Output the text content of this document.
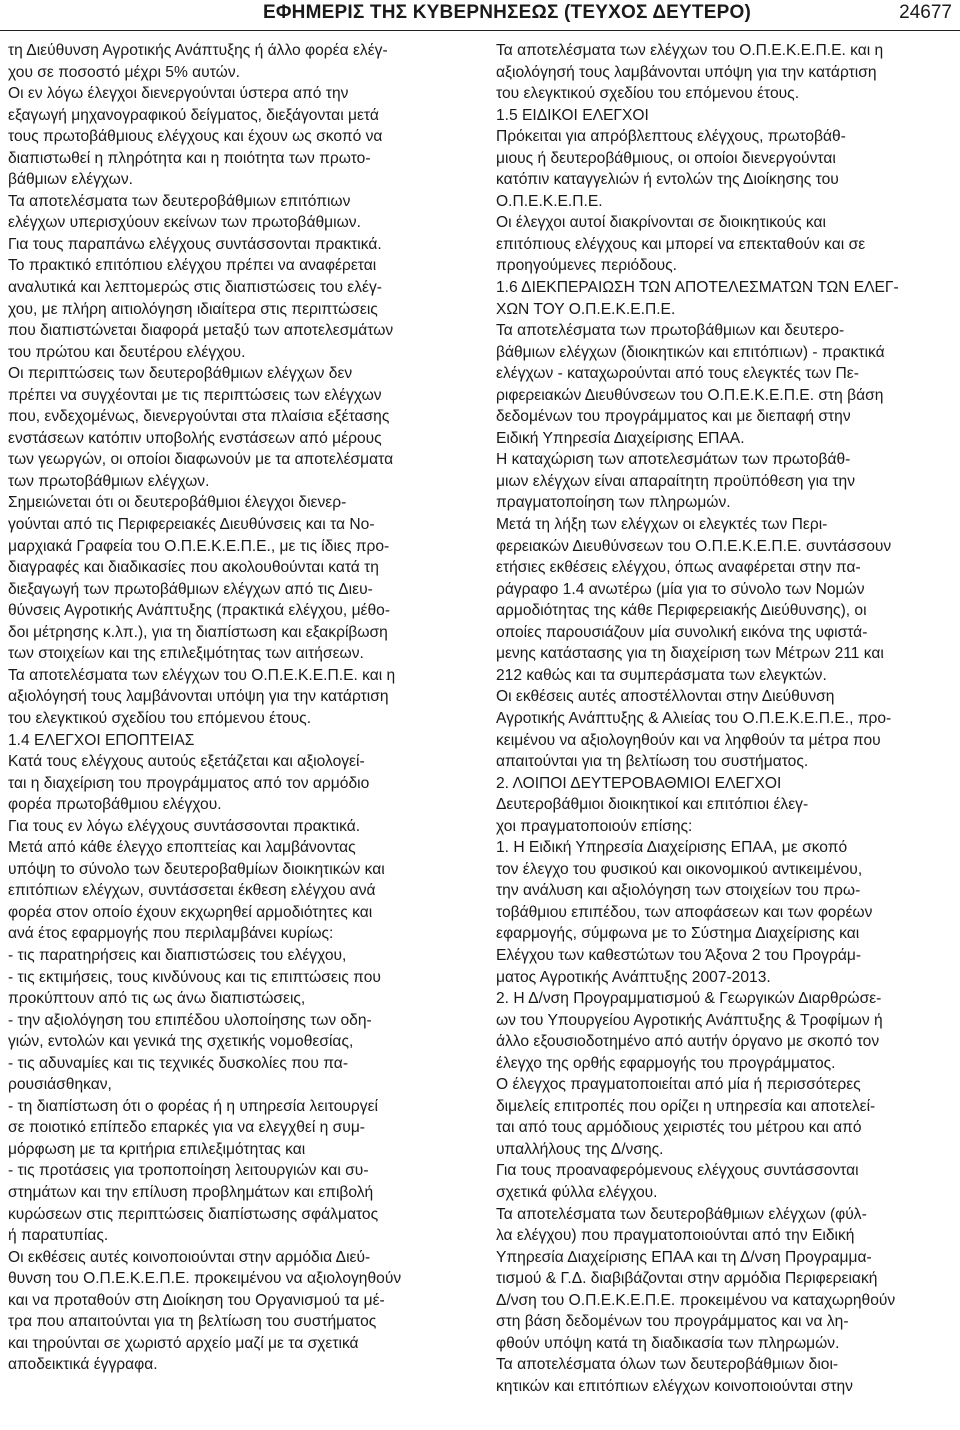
ΕΦΗΜΕΡΙΣ ΤΗΣ ΚΥΒΕΡΝΗΣΕΩΣ (ΤΕΥΧΟΣ ΔΕΥΤΕΡΟ)	24677

τη Διεύθυνση Αγροτικής Ανάπτυξης ή άλλο φορέα ελέγ-
χου σε ποσοστό μέχρι 5% αυτών.

Οι εν λόγω έλεγχοι διενεργούνται ύστερα από την
εξαγωγή μηχανογραφικού δείγματος, διεξάγονται μετά
τους πρωτοβάθμιους ελέγχους και έχουν ως σκοπό να
διαπιστωθεί η πληρότητα και η ποιότητα των πρωτο-
βάθμιων ελέγχων.

Τα αποτελέσματα των δευτεροβάθμιων επιτόπιων
ελέγχων υπερισχύουν εκείνων των πρωτοβάθμιων.

Για τους παραπάνω ελέγχους συντάσσονται πρακτικά.
Το πρακτικό επιτόπιου ελέγχου πρέπει να αναφέρεται
αναλυτικά και λεπτομερώς στις διαπιστώσεις του ελέγ-
χου, με πλήρη αιτιολόγηση ιδιαίτερα στις περιπτώσεις
που διαπιστώνεται διαφορά μεταξύ των αποτελεσμάτων
του πρώτου και δευτέρου ελέγχου.

Οι περιπτώσεις των δευτεροβάθμιων ελέγχων δεν
πρέπει να συγχέονται με τις περιπτώσεις των ελέγχων
που, ενδεχομένως, διενεργούνται στα πλαίσια εξέτασης
ενστάσεων κατόπιν υποβολής ενστάσεων από μέρους
των γεωργών, οι οποίοι διαφωνούν με τα αποτελέσματα
των πρωτοβάθμιων ελέγχων.

Σημειώνεται ότι οι δευτεροβάθμιοι έλεγχοι διενερ-
γούνται από τις Περιφερειακές Διευθύνσεις και τα Νο-
μαρχιακά Γραφεία του Ο.Π.Ε.Κ.Ε.Π.Ε., με τις ίδιες προ-
διαγραφές και διαδικασίες που ακολουθούνται κατά τη
διεξαγωγή των πρωτοβάθμιων ελέγχων από τις Διευ-
θύνσεις Αγροτικής Ανάπτυξης (πρακτικά ελέγχου, μέθο-
δοι μέτρησης κ.λπ.), για τη διαπίστωση και εξακρίβωση
των στοιχείων και της επιλεξιμότητας των αιτήσεων.

Τα αποτελέσματα των ελέγχων του Ο.Π.Ε.Κ.Ε.Π.Ε. και η
αξιολόγησή τους λαμβάνονται υπόψη για την κατάρτιση
του ελεγκτικού σχεδίου του επόμενου έτους.

1.4 ΕΛΕΓΧΟΙ ΕΠΟΠΤΕΙΑΣ

Κατά τους ελέγχους αυτούς εξετάζεται και αξιολογεί-
ται η διαχείριση του προγράμματος από τον αρμόδιο
φορέα πρωτοβάθμιου ελέγχου.

Για τους εν λόγω ελέγχους συντάσσονται πρακτικά.

Μετά από κάθε έλεγχο εποπτείας και λαμβάνοντας
υπόψη το σύνολο των δευτεροβαθμίων διοικητικών και
επιτόπιων ελέγχων, συντάσσεται έκθεση ελέγχου ανά
φορέα στον οποίο έχουν εκχωρηθεί αρμοδιότητες και
ανά έτος εφαρμογής που περιλαμβάνει κυρίως:

- τις παρατηρήσεις και διαπιστώσεις του ελέγχου,

- τις εκτιμήσεις, τους κινδύνους και τις επιπτώσεις που
προκύπτουν από τις ως άνω διαπιστώσεις,

- την αξιολόγηση του επιπέδου υλοποίησης των οδη-
γιών, εντολών και γενικά της σχετικής νομοθεσίας,

- τις αδυναμίες και τις τεχνικές δυσκολίες που πα-
ρουσιάσθηκαν,

- τη διαπίστωση ότι ο φορέας ή η υπηρεσία λειτουργεί
σε ποιοτικό επίπεδο επαρκές για να ελεγχθεί η συμ-
μόρφωση με τα κριτήρια επιλεξιμότητας και

- τις προτάσεις για τροποποίηση λειτουργιών και συ-
στημάτων και την επίλυση προβλημάτων και επιβολή
κυρώσεων στις περιπτώσεις διαπίστωσης σφάλματος
ή παρατυπίας.

Οι εκθέσεις αυτές κοινοποιούνται στην αρμόδια Διεύ-
θυνση του Ο.Π.Ε.Κ.Ε.Π.Ε. προκειμένου να αξιολογηθούν
και να προταθούν στη Διοίκηση του Οργανισμού τα μέ-
τρα που απαιτούνται για τη βελτίωση του συστήματος
και τηρούνται σε χωριστό αρχείο μαζί με τα σχετικά
αποδεικτικά έγγραφα.

Τα αποτελέσματα των ελέγχων του Ο.Π.Ε.Κ.Ε.Π.Ε. και η
αξιολόγησή τους λαμβάνονται υπόψη για την κατάρτιση
του ελεγκτικού σχεδίου του επόμενου έτους.

1.5 ΕΙΔΙΚΟΙ ΕΛΕΓΧΟΙ

Πρόκειται για απρόβλεπτους ελέγχους, πρωτοβάθ-
μιους ή δευτεροβάθμιους, οι οποίοι διενεργούνται
κατόπιν καταγγελιών ή εντολών της Διοίκησης του
Ο.Π.Ε.Κ.Ε.Π.Ε.

Οι έλεγχοι αυτοί διακρίνονται σε διοικητικούς και
επιτόπιους ελέγχους και μπορεί να επεκταθούν και σε
προηγούμενες περιόδους.

1.6 ΔΙΕΚΠΕΡΑΙΩΣΗ ΤΩΝ ΑΠΟΤΕΛΕΣΜΑΤΩΝ ΤΩΝ ΕΛΕΓ-
ΧΩΝ ΤΟΥ Ο.Π.Ε.Κ.Ε.Π.Ε.

Τα αποτελέσματα των πρωτοβάθμιων και δευτερο-
βάθμιων ελέγχων (διοικητικών και επιτόπιων) - πρακτικά
ελέγχων - καταχωρούνται από τους ελεγκτές των Πε-
ριφερειακών Διευθύνσεων του Ο.Π.Ε.Κ.Ε.Π.Ε. στη βάση
δεδομένων του προγράμματος και με διεπαφή στην
Ειδική Υπηρεσία Διαχείρισης ΕΠΑΑ.

Η καταχώριση των αποτελεσμάτων των πρωτοβάθ-
μιων ελέγχων είναι απαραίτητη προϋπόθεση για την
πραγματοποίηση των πληρωμών.

Μετά τη λήξη των ελέγχων οι ελεγκτές των Περι-
φερειακών Διευθύνσεων του Ο.Π.Ε.Κ.Ε.Π.Ε. συντάσσουν
ετήσιες εκθέσεις ελέγχου, όπως αναφέρεται στην πα-
ράγραφο 1.4 ανωτέρω (μία για το σύνολο των Νομών
αρμοδιότητας της κάθε Περιφερειακής Διεύθυνσης), οι
οποίες παρουσιάζουν μία συνολική εικόνα της υφιστά-
μενης κατάστασης για τη διαχείριση των Μέτρων 211 και
212 καθώς και τα συμπεράσματα των ελεγκτών.

Οι εκθέσεις αυτές αποστέλλονται στην Διεύθυνση
Αγροτικής Ανάπτυξης & Αλιείας του Ο.Π.Ε.Κ.Ε.Π.Ε., προ-
κειμένου να αξιολογηθούν και να ληφθούν τα μέτρα που
απαιτούνται για τη βελτίωση του συστήματος.

2. ΛΟΙΠΟΙ ΔΕΥΤΕΡΟΒΑΘΜΙΟΙ ΕΛΕΓΧΟΙ

Δευτεροβάθμιοι διοικητικοί και επιτόπιοι έλεγ-
χοι πραγματοποιούν επίσης:

1. Η Ειδική Υπηρεσία Διαχείρισης ΕΠΑΑ, με σκοπό
τον έλεγχο του φυσικού και οικονομικού αντικειμένου,
την ανάλυση και αξιολόγηση των στοιχείων του πρω-
τοβάθμιου επιπέδου, των αποφάσεων και των φορέων
εφαρμογής, σύμφωνα με το Σύστημα Διαχείρισης και
Ελέγχου των καθεστώτων του Άξονα 2 του Προγράμ-
ματος Αγροτικής Ανάπτυξης 2007-2013.

2. Η Δ/νση Προγραμματισμού & Γεωργικών Διαρθρώσε-
ων του Υπουργείου Αγροτικής Ανάπτυξης & Τροφίμων ή
άλλο εξουσιοδοτημένο από αυτήν όργανο με σκοπό τον
έλεγχο της ορθής εφαρμογής του προγράμματος.

Ο έλεγχος πραγματοποιείται από μία ή περισσότερες
διμελείς επιτροπές που ορίζει η υπηρεσία και αποτελεί-
ται από τους αρμόδιους χειριστές του μέτρου και από
υπαλλήλους της Δ/νσης.

Για τους προαναφερόμενους ελέγχους συντάσσονται
σχετικά φύλλα ελέγχου.

Τα αποτελέσματα των δευτεροβάθμιων ελέγχων (φύλ-
λα ελέγχου) που πραγματοποιούνται από την Ειδική
Υπηρεσία Διαχείρισης ΕΠΑΑ και τη Δ/νση Προγραμμα-
τισμού & Γ.Δ. διαβιβάζονται στην αρμόδια Περιφερειακή
Δ/νση του Ο.Π.Ε.Κ.Ε.Π.Ε. προκειμένου να καταχωρηθούν
στη βάση δεδομένων του προγράμματος και να λη-
φθούν υπόψη κατά τη διαδικασία των πληρωμών.

Τα αποτελέσματα όλων των δευτεροβάθμιων διοι-
κητικών και επιτόπιων ελέγχων κοινοποιούνται στην
